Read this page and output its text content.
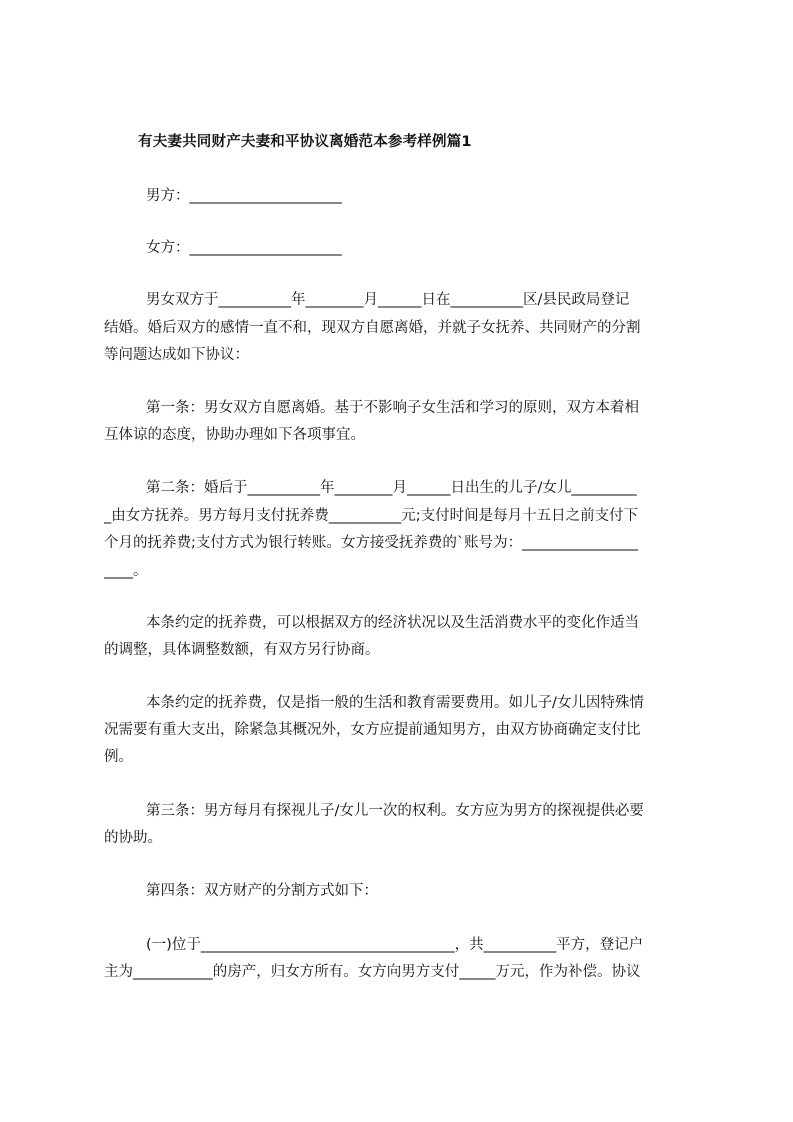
有夫妻共同财产夫妻和平协议离婚范本参考样例篇1
男方：_____________________
女方：_____________________
男女双方于__________年________月______日在__________区/县民政局登记
结婚。婚后双方的感情一直不和，现双方自愿离婚，并就子女抚养、共同财产的分割
等问题达成如下协议：
第一条：男女双方自愿离婚。基于不影响子女生活和学习的原则，双方本着相
互体谅的态度，协助办理如下各项事宜。
第二条：婚后于__________年________月______日出生的儿子/女儿_________
_由女方抚养。男方每月支付抚养费__________元;支付时间是每月十五日之前支付下
个月的抚养费;支付方式为银行转账。女方接受抚养费的`账号为：________________
____。
本条约定的抚养费，可以根据双方的经济状况以及生活消费水平的变化作适当
的调整，具体调整数额，有双方另行协商。
本条约定的抚养费，仅是指一般的生活和教育需要费用。如儿子/女儿因特殊情
况需要有重大支出，除紧急其概况外，女方应提前通知男方，由双方协商确定支付比
例。
第三条：男方每月有探视儿子/女儿一次的权利。女方应为男方的探视提供必要
的协助。
第四条：双方财产的分割方式如下：
(一)位于___________________________________，共__________平方，登记户
主为___________的房产，归女方所有。女方向男方支付_____万元，作为补偿。协议
